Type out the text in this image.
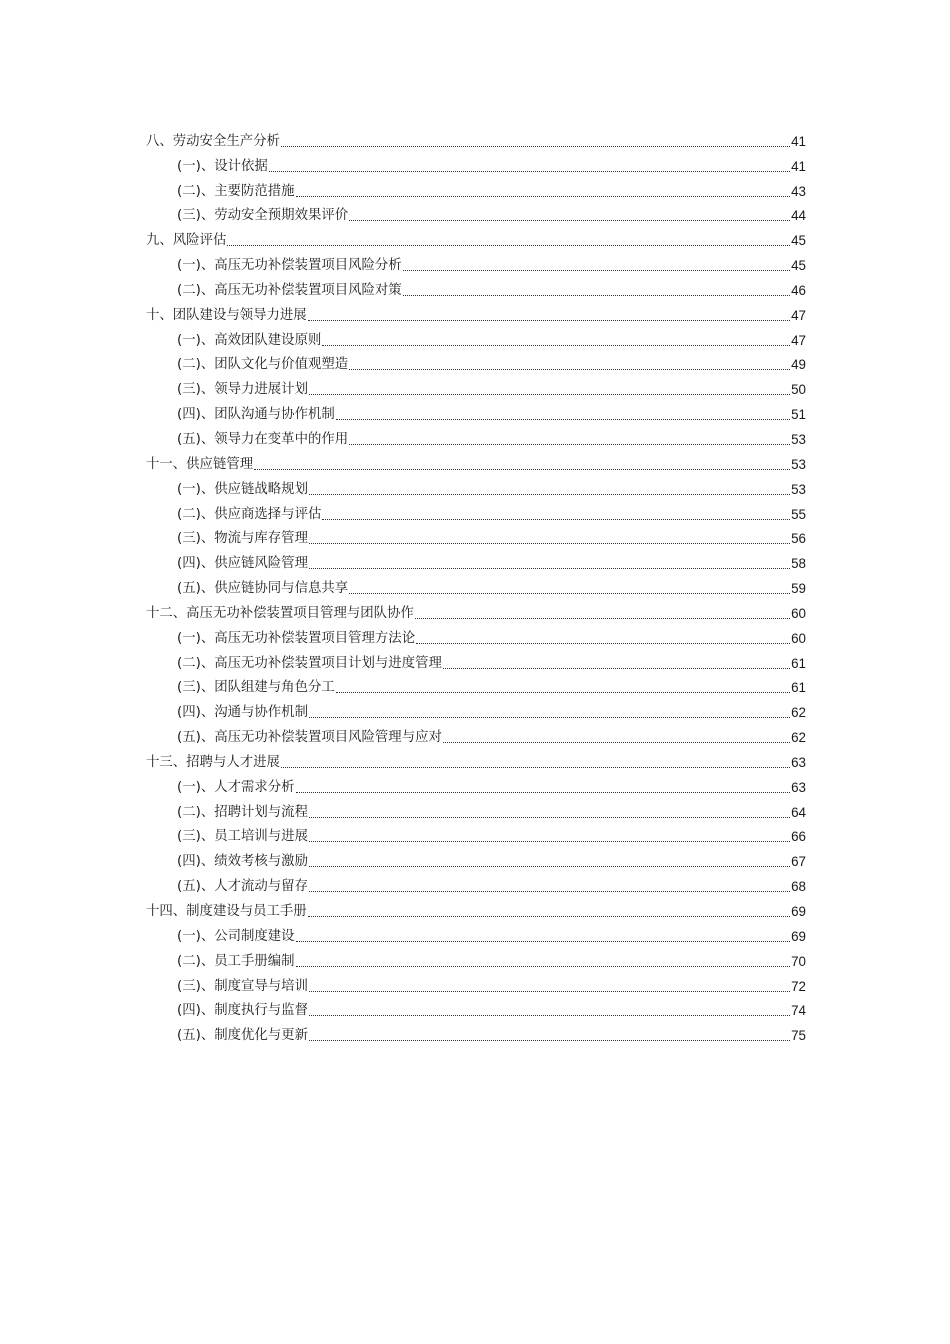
八、劳动安全生产分析	41
(一)、设计依据	41
(二)、主要防范措施	43
(三)、劳动安全预期效果评价	44
九、风险评估	45
(一)、高压无功补偿装置项目风险分析	45
(二)、高压无功补偿装置项目风险对策	46
十、团队建设与领导力进展	47
(一)、高效团队建设原则	47
(二)、团队文化与价值观塑造	49
(三)、领导力进展计划	50
(四)、团队沟通与协作机制	51
(五)、领导力在变革中的作用	53
十一、供应链管理	53
(一)、供应链战略规划	53
(二)、供应商选择与评估	55
(三)、物流与库存管理	56
(四)、供应链风险管理	58
(五)、供应链协同与信息共享	59
十二、高压无功补偿装置项目管理与团队协作	60
(一)、高压无功补偿装置项目管理方法论	60
(二)、高压无功补偿装置项目计划与进度管理	61
(三)、团队组建与角色分工	61
(四)、沟通与协作机制	62
(五)、高压无功补偿装置项目风险管理与应对	62
十三、招聘与人才进展	63
(一)、人才需求分析	63
(二)、招聘计划与流程	64
(三)、员工培训与进展	66
(四)、绩效考核与激励	67
(五)、人才流动与留存	68
十四、制度建设与员工手册	69
(一)、公司制度建设	69
(二)、员工手册编制	70
(三)、制度宣导与培训	72
(四)、制度执行与监督	74
(五)、制度优化与更新	75
